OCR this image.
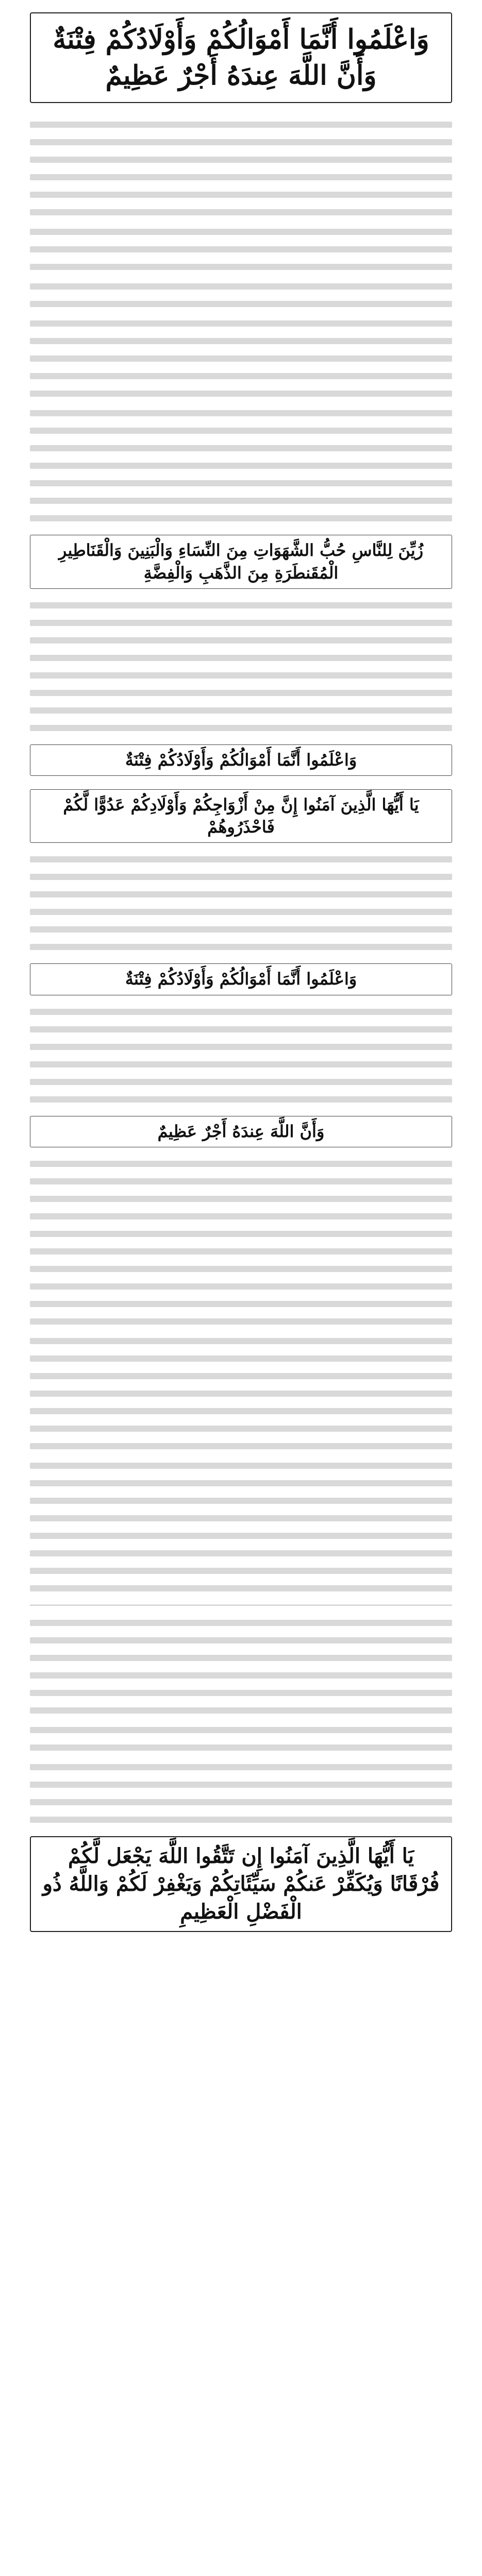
وَاعْلَمُوا أَنَّمَا أَمْوَالُكُمْ وَأَوْلَادُكُمْ فِتْنَةٌ وَأَنَّ اللَّهَ عِندَهُ أَجْرٌ عَظِيمٌ
زُيِّنَ لِلنَّاسِ حُبُّ الشَّهَوَاتِ مِنَ النِّسَاءِ وَالْبَنِينَ وَالْقَنَاطِيرِ الْمُقَنطَرَةِ مِنَ الذَّهَبِ وَالْفِضَّةِ
وَاعْلَمُوا أَنَّمَا أَمْوَالُكُمْ وَأَوْلَادُكُمْ فِتْنَةٌ
يَا أَيُّهَا الَّذِينَ آمَنُوا إِنَّ مِنْ أَزْوَاجِكُمْ وَأَوْلَادِكُمْ عَدُوًّا لَّكُمْ فَاحْذَرُوهُمْ
وَاعْلَمُوا أَنَّمَا أَمْوَالُكُمْ وَأَوْلَادُكُمْ فِتْنَةٌ
وَأَنَّ اللَّهَ عِندَهُ أَجْرٌ عَظِيمٌ
يَا أَيُّهَا الَّذِينَ آمَنُوا إِن تَتَّقُوا اللَّهَ يَجْعَل لَّكُمْ فُرْقَانًا وَيُكَفِّرْ عَنكُمْ سَيِّئَاتِكُمْ وَيَغْفِرْ لَكُمْ وَاللَّهُ ذُو الْفَضْلِ الْعَظِيمِ
